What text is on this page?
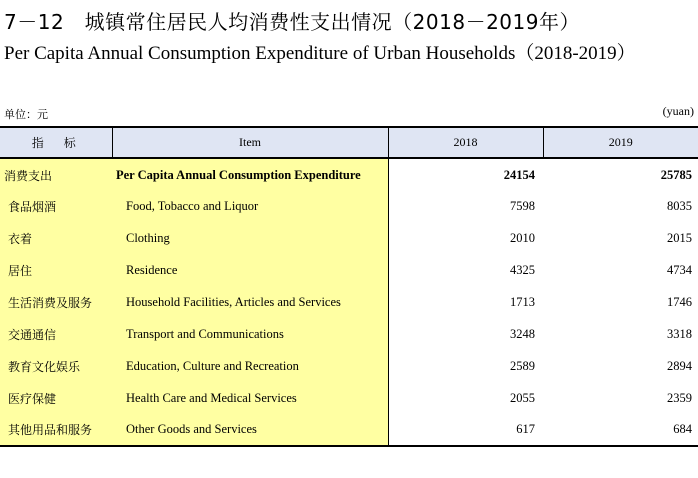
7－12　城镇常住居民人均消费性支出情况（2018－2019年）
Per Capita Annual Consumption Expenditure of Urban Households（2018-2019）
单位：元	(yuan)
指　标	Item	2018	2019
消费支出	Per Capita Annual Consumption Expenditure	24154	25785
食品烟酒	Food, Tobacco and Liquor	7598	8035
衣着	Clothing	2010	2015
居住	Residence	4325	4734
生活消费及服务	Household Facilities, Articles and Services	1713	1746
交通通信	Transport and Communications	3248	3318
教育文化娱乐	Education, Culture and Recreation	2589	2894
医疗保健	Health Care and Medical Services	2055	2359
其他用品和服务	Other Goods and Services	617	684
